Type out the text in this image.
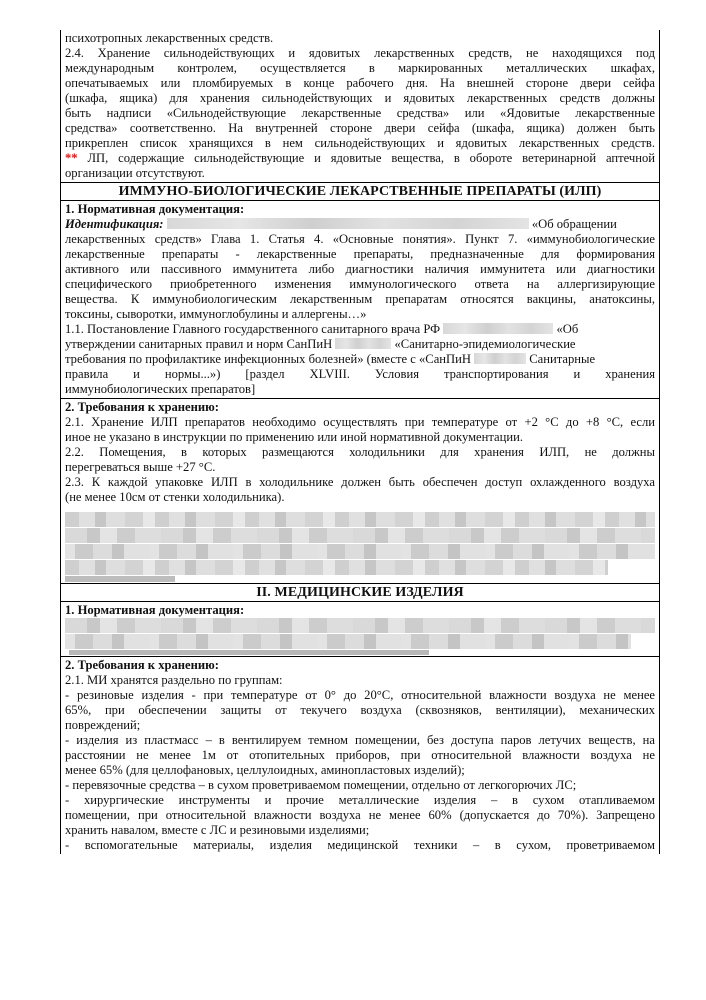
психотропных лекарственных средств.
2.4. Хранение сильнодействующих и ядовитых лекарственных средств, не находящихся под
международным контролем, осуществляется в маркированных металлических шкафах,
опечатываемых или пломбируемых в конце рабочего дня. На внешней стороне двери сейфа
(шкафа, ящика) для хранения сильнодействующих и ядовитых лекарственных средств должны
быть надписи «Сильнодействующие лекарственные средства» или «Ядовитые лекарственные
средства» соответственно. На внутренней стороне двери сейфа (шкафа, ящика) должен быть
прикреплен список хранящихся в нем сильнодействующих и ядовитых лекарственных средств.
** ЛП, содержащие сильнодействующие и ядовитые вещества, в обороте ветеринарной аптечной
организации отсутствуют.
ИММУНО-БИОЛОГИЧЕСКИЕ ЛЕКАРСТВЕННЫЕ ПРЕПАРАТЫ (ИЛП)
1. Нормативная документация:
Идентификация:	«Об обращении
лекарственных средств» Глава 1. Статья 4. «Основные понятия». Пункт 7. «иммунобиологические
лекарственные препараты - лекарственные препараты, предназначенные для формирования
активного или пассивного иммунитета либо диагностики наличия иммунитета или диагностики
специфического приобретенного изменения иммунологического ответа на аллергизирующие
вещества. К иммунобиологическим лекарственным препаратам относятся вакцины, анатоксины,
токсины, сыворотки, иммуноглобулины и аллергены…»
1.1. Постановление Главного государственного санитарного врача РФ	«Об
утверждении санитарных правил и норм СанПиН	«Санитарно-эпидемиологические
требования по профилактике инфекционных болезней» (вместе с «СанПиН	Санитарные
правила и нормы...») [раздел XLVIII. Условия транспортирования и хранения
иммунобиологических препаратов]
2. Требования к хранению:
2.1. Хранение ИЛП препаратов необходимо осуществлять при температуре от +2 °С до +8 °С, если
иное не указано в инструкции по применению или иной нормативной документации.
2.2. Помещения, в которых размещаются холодильники для хранения ИЛП, не должны
перегреваться выше +27 °С.
2.3. К каждой упаковке ИЛП в холодильнике должен быть обеспечен доступ охлажденного воздуха
(не менее 10см от стенки холодильника).
II. МЕДИЦИНСКИЕ ИЗДЕЛИЯ
1. Нормативная документация:
2. Требования к хранению:
2.1. МИ хранятся раздельно по группам:
- резиновые изделия - при температуре от 0° до 20°С, относительной влажности воздуха не менее
65%, при обеспечении защиты от текучего воздуха (сквозняков, вентиляции), механических
повреждений;
- изделия из пластмасс – в вентилируем темном помещении, без доступа паров летучих веществ, на
расстоянии не менее 1м от отопительных приборов, при относительной влажности воздуха не
менее 65% (для целлофановых, целлулоидных, аминопластовых изделий);
- перевязочные средства – в сухом проветриваемом помещении, отдельно от легкогорючих ЛС;
- хирургические инструменты и прочие металлические изделия – в сухом отапливаемом
помещении, при относительной влажности воздуха не менее 60% (допускается до 70%). Запрещено
хранить навалом, вместе с ЛС и резиновыми изделиями;
- вспомогательные материалы, изделия медицинской техники – в сухом, проветриваемом
